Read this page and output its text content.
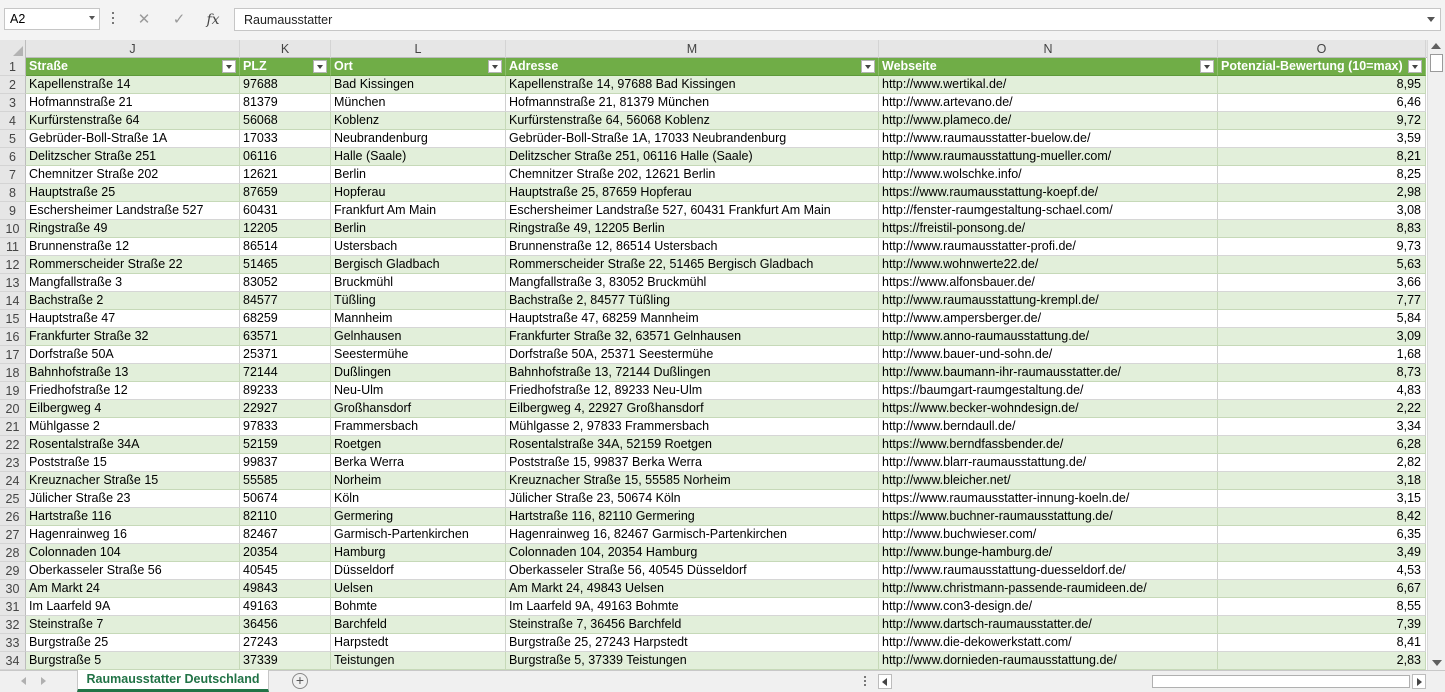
A2	✕	✓	fx	Raumausstatter
J	K	L	M	N	O
1
2
3
4
5
6
7
8
9
10
11
12
13
14
15
16
17
18
19
20
21
22
23
24
25
26
27
28
29
30
31
32
33
34
Straße	PLZ	Ort	Adresse	Webseite	Potenzial-Bewertung (10=max)
Kapellenstraße 14	97688	Bad Kissingen	Kapellenstraße 14, 97688 Bad Kissingen	http://www.wertikal.de/	8,95
Hofmannstraße 21	81379	München	Hofmannstraße 21, 81379 München	http://www.artevano.de/	6,46
Kurfürstenstraße 64	56068	Koblenz	Kurfürstenstraße 64, 56068 Koblenz	http://www.plameco.de/	9,72
Gebrüder-Boll-Straße 1A	17033	Neubrandenburg	Gebrüder-Boll-Straße 1A, 17033 Neubrandenburg	http://www.raumausstatter-buelow.de/	3,59
Delitzscher Straße 251	06116	Halle (Saale)	Delitzscher Straße 251, 06116 Halle (Saale)	http://www.raumausstattung-mueller.com/	8,21
Chemnitzer Straße 202	12621	Berlin	Chemnitzer Straße 202, 12621 Berlin	http://www.wolschke.info/	8,25
Hauptstraße 25	87659	Hopferau	Hauptstraße 25, 87659 Hopferau	https://www.raumausstattung-koepf.de/	2,98
Eschersheimer Landstraße 527	60431	Frankfurt Am Main	Eschersheimer Landstraße 527, 60431 Frankfurt Am Main	http://fenster-raumgestaltung-schael.com/	3,08
Ringstraße 49	12205	Berlin	Ringstraße 49, 12205 Berlin	https://freistil-ponsong.de/	8,83
Brunnenstraße 12	86514	Ustersbach	Brunnenstraße 12, 86514 Ustersbach	http://www.raumausstatter-profi.de/	9,73
Rommerscheider Straße 22	51465	Bergisch Gladbach	Rommerscheider Straße 22, 51465 Bergisch Gladbach	http://www.wohnwerte22.de/	5,63
Mangfallstraße 3	83052	Bruckmühl	Mangfallstraße 3, 83052 Bruckmühl	https://www.alfonsbauer.de/	3,66
Bachstraße 2	84577	Tüßling	Bachstraße 2, 84577 Tüßling	http://www.raumausstattung-krempl.de/	7,77
Hauptstraße 47	68259	Mannheim	Hauptstraße 47, 68259 Mannheim	http://www.ampersberger.de/	5,84
Frankfurter Straße 32	63571	Gelnhausen	Frankfurter Straße 32, 63571 Gelnhausen	http://www.anno-raumausstattung.de/	3,09
Dorfstraße 50A	25371	Seestermühe	Dorfstraße 50A, 25371 Seestermühe	http://www.bauer-und-sohn.de/	1,68
Bahnhofstraße 13	72144	Dußlingen	Bahnhofstraße 13, 72144 Dußlingen	http://www.baumann-ihr-raumausstatter.de/	8,73
Friedhofstraße 12	89233	Neu-Ulm	Friedhofstraße 12, 89233 Neu-Ulm	https://baumgart-raumgestaltung.de/	4,83
Eilbergweg 4	22927	Großhansdorf	Eilbergweg 4, 22927 Großhansdorf	https://www.becker-wohndesign.de/	2,22
Mühlgasse 2	97833	Frammersbach	Mühlgasse 2, 97833 Frammersbach	http://www.berndaull.de/	3,34
Rosentalstraße 34A	52159	Roetgen	Rosentalstraße 34A, 52159 Roetgen	https://www.berndfassbender.de/	6,28
Poststraße 15	99837	Berka Werra	Poststraße 15, 99837 Berka Werra	http://www.blarr-raumausstattung.de/	2,82
Kreuznacher Straße 15	55585	Norheim	Kreuznacher Straße 15, 55585 Norheim	http://www.bleicher.net/	3,18
Jülicher Straße 23	50674	Köln	Jülicher Straße 23, 50674 Köln	https://www.raumausstatter-innung-koeln.de/	3,15
Hartstraße 116	82110	Germering	Hartstraße 116, 82110 Germering	https://www.buchner-raumausstattung.de/	8,42
Hagenrainweg 16	82467	Garmisch-Partenkirchen	Hagenrainweg 16, 82467 Garmisch-Partenkirchen	http://www.buchwieser.com/	6,35
Colonnaden 104	20354	Hamburg	Colonnaden 104, 20354 Hamburg	http://www.bunge-hamburg.de/	3,49
Oberkasseler Straße 56	40545	Düsseldorf	Oberkasseler Straße 56, 40545 Düsseldorf	http://www.raumausstattung-duesseldorf.de/	4,53
Am Markt 24	49843	Uelsen	Am Markt 24, 49843 Uelsen	http://www.christmann-passende-raumideen.de/	6,67
Im Laarfeld 9A	49163	Bohmte	Im Laarfeld 9A, 49163 Bohmte	http://www.con3-design.de/	8,55
Steinstraße 7	36456	Barchfeld	Steinstraße 7, 36456 Barchfeld	http://www.dartsch-raumausstatter.de/	7,39
Burgstraße 25	27243	Harpstedt	Burgstraße 25, 27243 Harpstedt	http://www.die-dekowerkstatt.com/	8,41
Burgstraße 5	37339	Teistungen	Burgstraße 5, 37339 Teistungen	http://www.dornieden-raumausstattung.de/	2,83
Raumausstatter Deutschland	+
